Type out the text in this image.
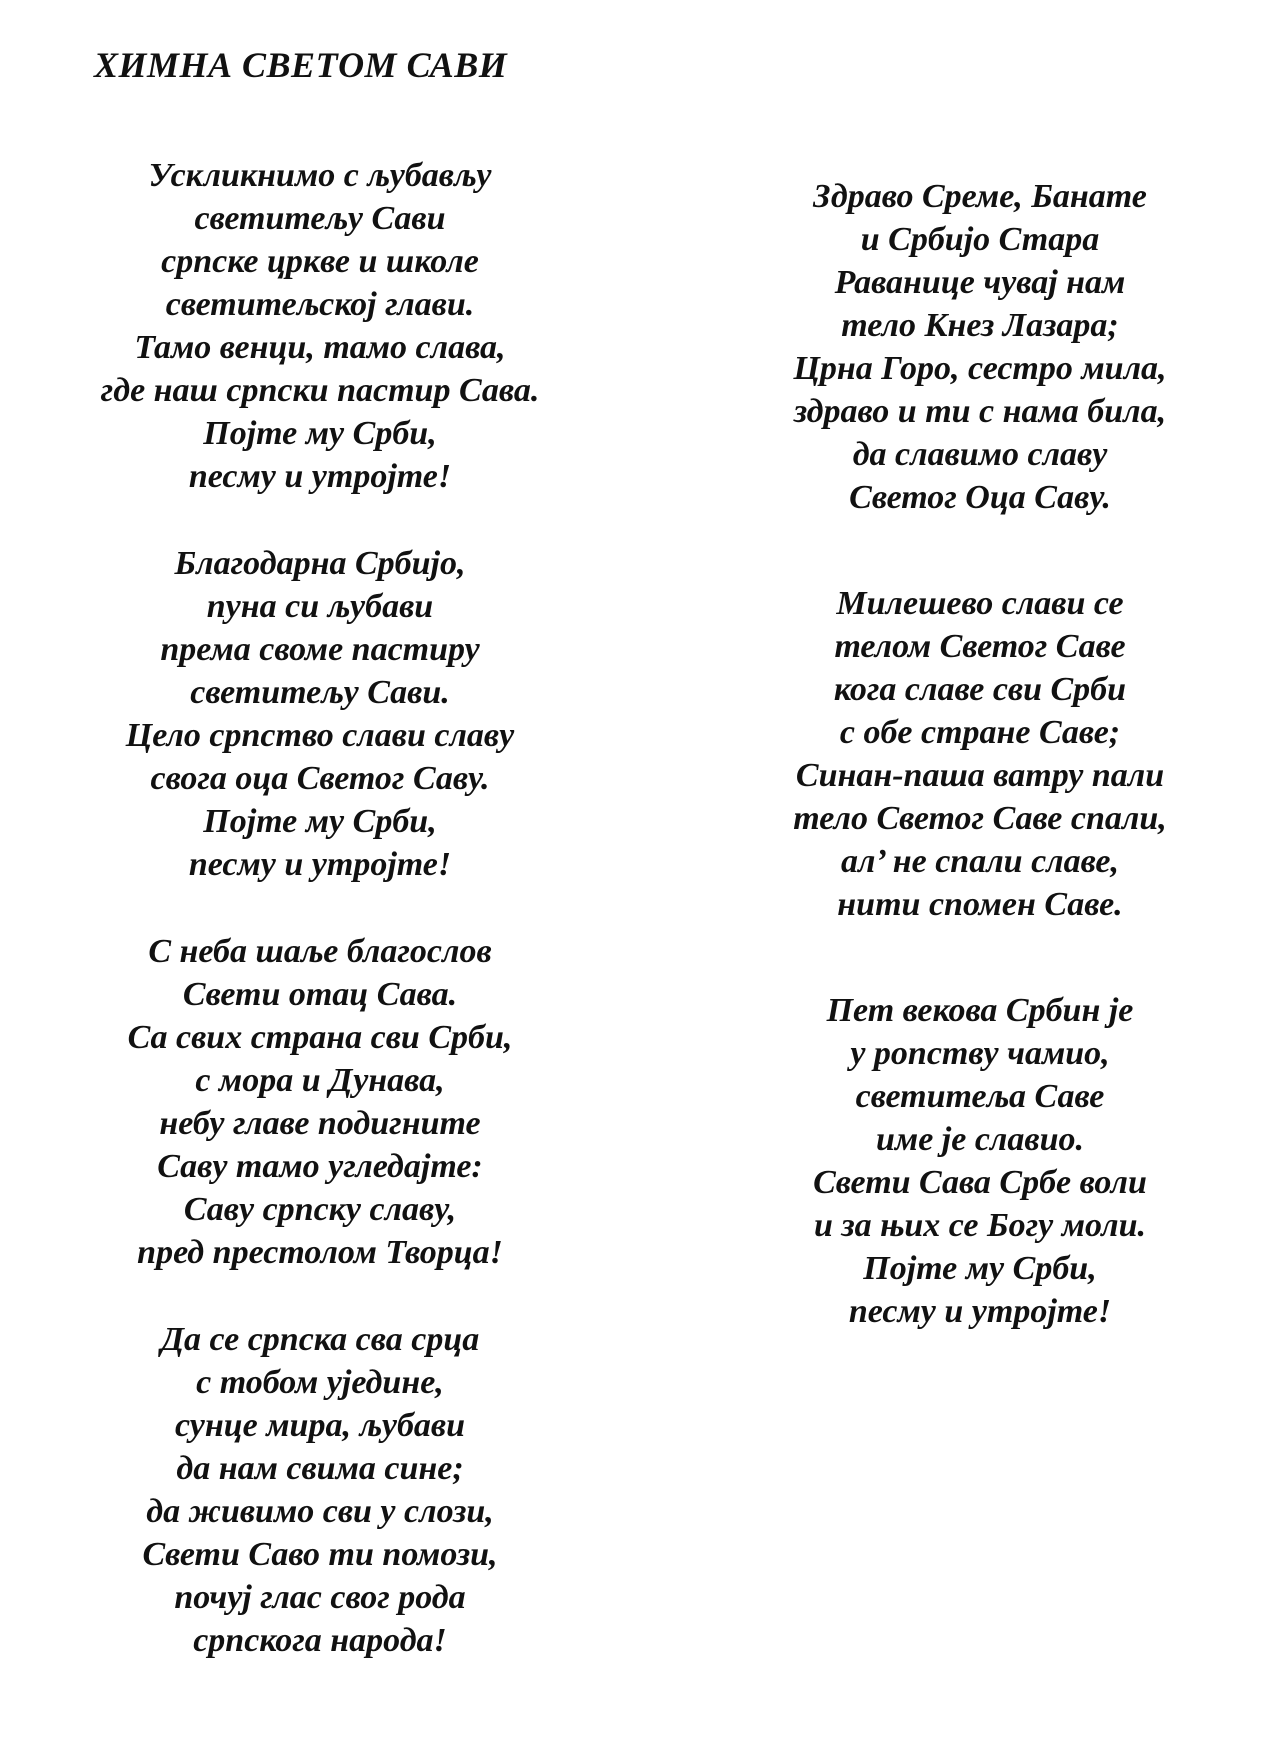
ХИМНА СВЕТОМ САВИ
Ускликнимо с љубављу
светитељу Сави
српске цркве и школе
светитељској глави.
Тамо венци, тамо слава,
где наш српски пастир Сава.
Појте му Срби,
песму и утројте!
Благодарна Србијо,
пуна си љубави
према своме пастиру
светитељу Сави.
Цело српство слави славу
свога оца Светог Саву.
Појте му Срби,
песму и утројте!
С неба шаље благослов
Свети отац Сава.
Са свих страна сви Срби,
с мора и Дунава,
небу главе подигните
Саву тамо угледајте:
Саву српску славу,
пред престолом Творца!
Да се српска сва срца
с тобом уједине,
сунце мира, љубави
да нам свима сине;
да живимо сви у слози,
Свети Саво ти помози,
почуј глас свог рода
српскога народа!
Здраво Среме, Банате
и Србијо Стара
Раванице чувај нам
тело Кнез Лазара;
Црна Горо, сестро мила,
здраво и ти с нама била,
да славимо славу
Светог Оца Саву.
Милешево слави се
телом Светог Саве
кога славе сви Срби
с обе стране Саве;
Синан-паша ватру пали
тело Светог Саве спали,
ал’ не спали славе,
нити спомен Саве.
Пет векова Србин је
у ропству чамио,
светитеља Саве
име је славио.
Свети Сава Србе воли
и за њих се Богу моли.
Појте му Срби,
песму и утројте!
